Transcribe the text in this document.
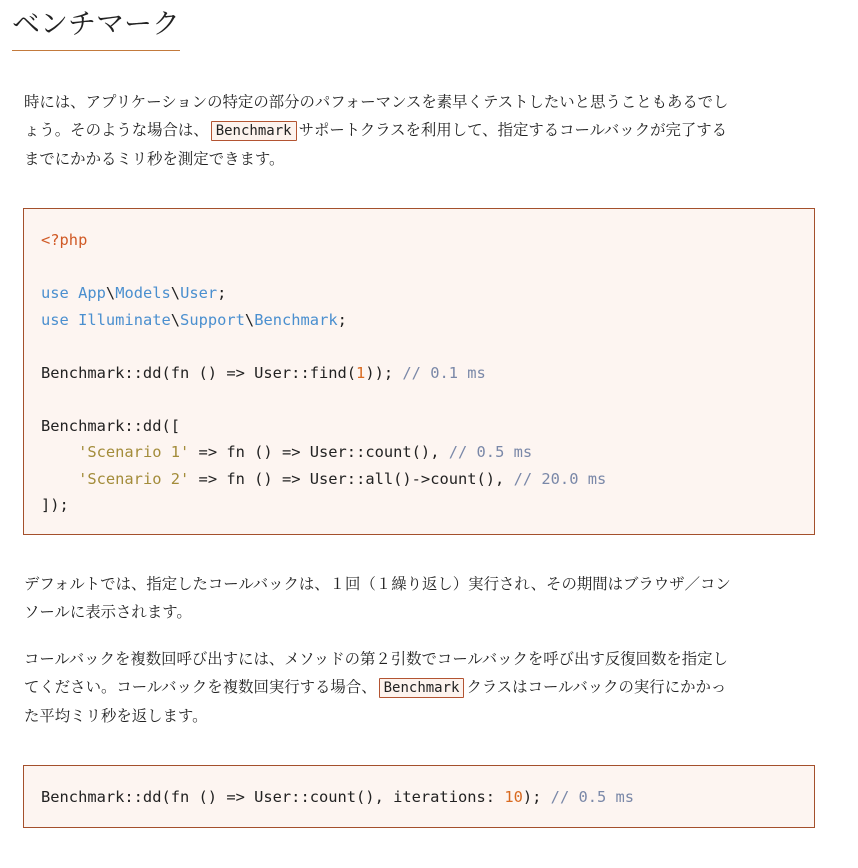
ベンチマーク

時には、アプリケーションの特定の部分のパフォーマンスを素早くテストしたいと思うこともあるでし
ょう。そのような場合は、 Benchmark サポートクラスを利用して、指定するコールバックが完了する
までにかかるミリ秒を測定できます。

<?php

use App\Models\User;
use Illuminate\Support\Benchmark;

Benchmark::dd(fn () => User::find(1)); // 0.1 ms

Benchmark::dd([
'Scenario 1' => fn () => User::count(), // 0.5 ms
'Scenario 2' => fn () => User::all()->count(), // 20.0 ms
]);

デフォルトでは、指定したコールバックは、１回（１繰り返し）実行され、その期間はブラウザ／コン
ソールに表示されます。

コールバックを複数回呼び出すには、メソッドの第２引数でコールバックを呼び出す反復回数を指定し
てください。コールバックを複数回実行する場合、 Benchmark クラスはコールバックの実行にかかっ
た平均ミリ秒を返します。

Benchmark::dd(fn () => User::count(), iterations: 10); // 0.5 ms
